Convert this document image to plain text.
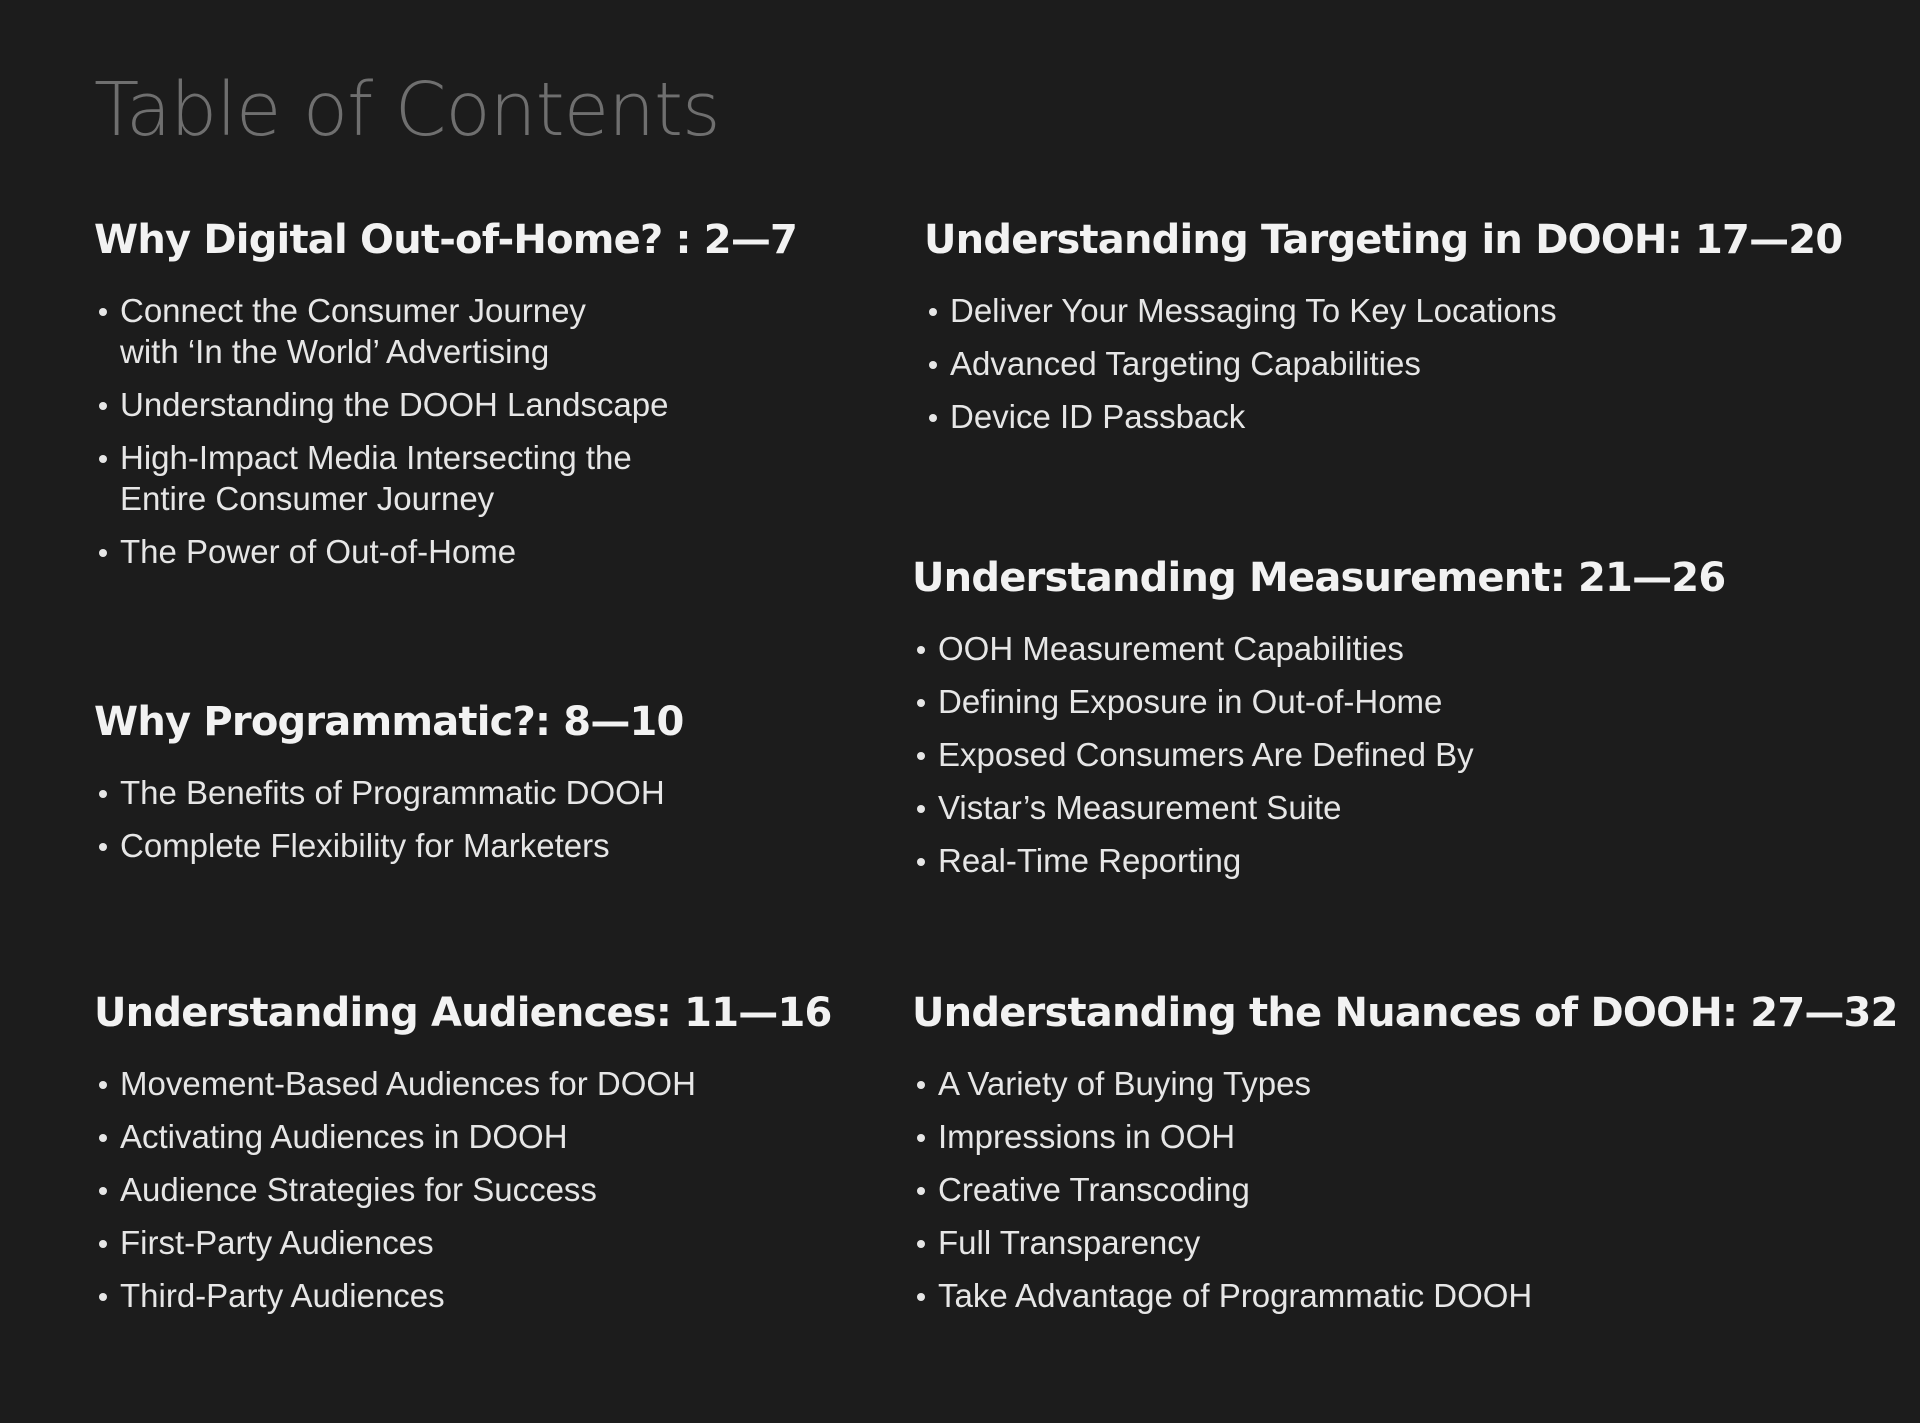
Table of Contents
Why Digital Out-of-Home? : 2—7
Connect the Consumer Journey
with ‘In the World’ Advertising
Understanding the DOOH Landscape
High-Impact Media Intersecting the
Entire Consumer Journey
The Power of Out-of-Home
Why Programmatic?: 8—10
The Benefits of Programmatic DOOH
Complete Flexibility for Marketers
Understanding Audiences: 11—16
Movement-Based Audiences for DOOH
Activating Audiences in DOOH
Audience Strategies for Success
First-Party Audiences
Third-Party Audiences
Understanding Targeting in DOOH: 17—20
Deliver Your Messaging To Key Locations
Advanced Targeting Capabilities
Device ID Passback
Understanding Measurement: 21—26
OOH Measurement Capabilities
Defining Exposure in Out-of-Home
Exposed Consumers Are Defined By
Vistar’s Measurement Suite
Real-Time Reporting
Understanding the Nuances of DOOH: 27—32
A Variety of Buying Types
Impressions in OOH
Creative Transcoding
Full Transparency
Take Advantage of Programmatic DOOH
